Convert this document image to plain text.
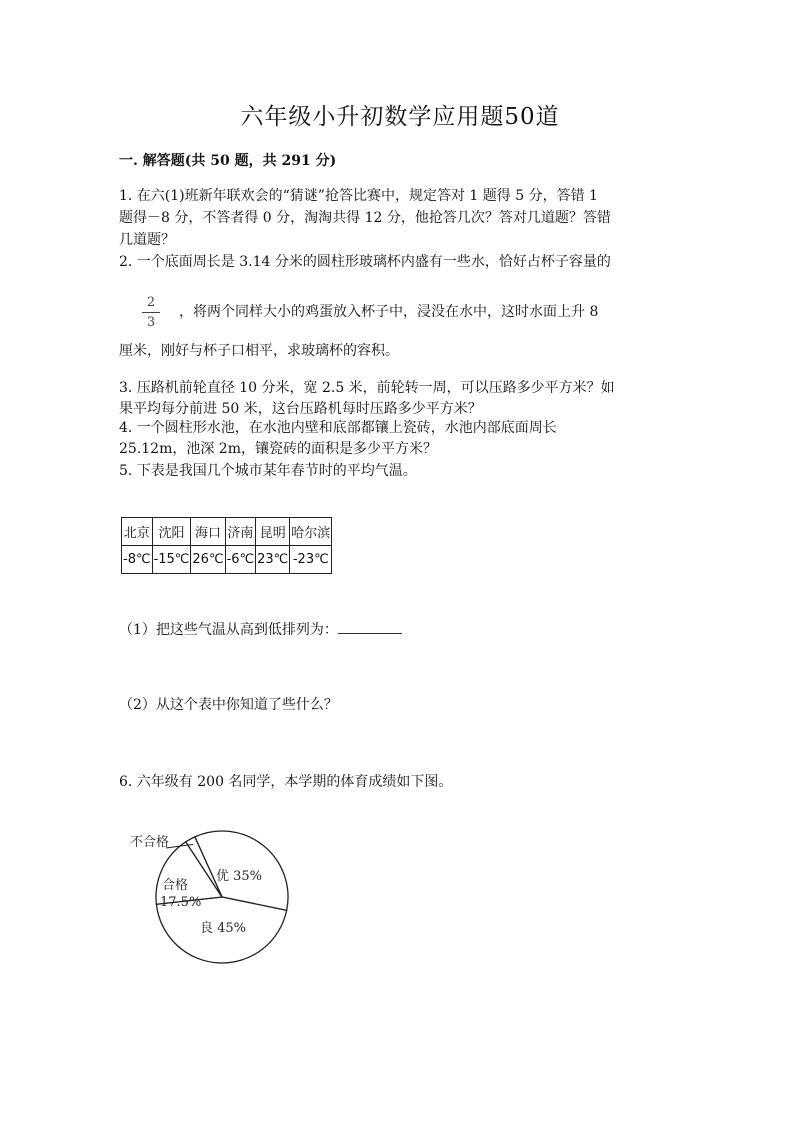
六年级小升初数学应用题50道
一. 解答题(共 50 题，共 291 分)
1. 在六(1)班新年联欢会的“猜谜”抢答比赛中，规定答对 1 题得 5 分，答错 1
题得－8 分，不答者得 0 分，淘淘共得 12 分，他抢答几次？答对几道题？答错
几道题？
2. 一个底面周长是 3.14 分米的圆柱形玻璃杯内盛有一些水，恰好占杯子容量的
2
3
，将两个同样大小的鸡蛋放入杯子中，浸没在水中，这时水面上升 8
厘米，刚好与杯子口相平，求玻璃杯的容积。
3. 压路机前轮直径 10 分米，宽 2.5 米，前轮转一周，可以压路多少平方米？如
果平均每分前进 50 米，这台压路机每时压路多少平方米？
4. 一个圆柱形水池，在水池内壁和底部都镶上瓷砖，水池内部底面周长
25.12m，池深 2m，镶瓷砖的面积是多少平方米？
5. 下表是我国几个城市某年春节时的平均气温。
北京	沈阳	海口	济南	昆明	哈尔滨
-8℃	-15℃	26℃	-6℃	23℃	-23℃
（1）把这些气温从高到低排列为：
（2）从这个表中你知道了些什么？
6. 六年级有 200 名同学，本学期的体育成绩如下图。
不合格
合格
17.5%
优 35%
良 45%
